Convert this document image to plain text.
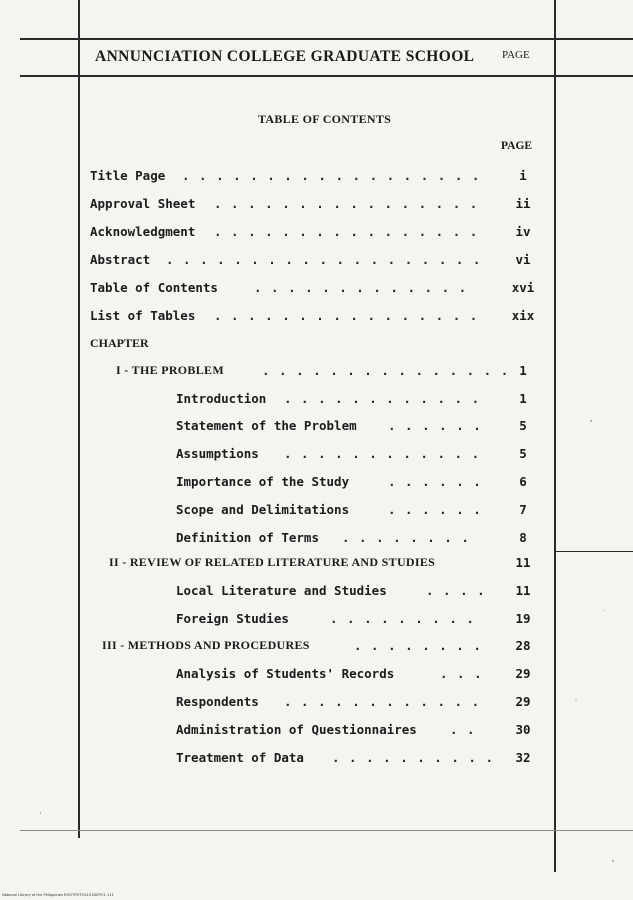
ANNUNCIATION COLLEGE GRADUATE SCHOOL	PAGE
TABLE OF CONTENTS
PAGE
Title Page . . . . . . . . . . . . . . . . . .	i
Approval Sheet . . . . . . . . . . . . . . . .	ii
Acknowledgment . . . . . . . . . . . . . . . .	iv
Abstract . . . . . . . . . . . . . . . . . . .	vi
Table of Contents	. . . . . . . . . . . . .	xvi
List of Tables . . . . . . . . . . . . . . . .	xix
CHAPTER
I - THE PROBLEM	. . . . . . . . . . . . . . . 1
Introduction . . . . . . . . . . . .	1
Statement of the Problem	. . . . . .	5
Assumptions . . . . . . . . . . . .	5
Importance of the Study	. . . . . .	6
Scope and Delimitations	. . . . . .	7
Definition of Terms . . . . . . . .	8
II - REVIEW OF RELATED LITERATURE AND STUDIES	11
Local Literature and Studies	. . . .	11
Foreign Studies	. . . . . . . . .	19
III - METHODS AND PROCEDURES	. . . . . . . .	28
Analysis of Students' Records	. . .	29
Respondents . . . . . . . . . . . .	29
Administration of Questionnaires	. .	30
Treatment of Data . . . . . . . . . .	32
National Library of the Philippines ROOTPOTOS1S1DEPO1 111
